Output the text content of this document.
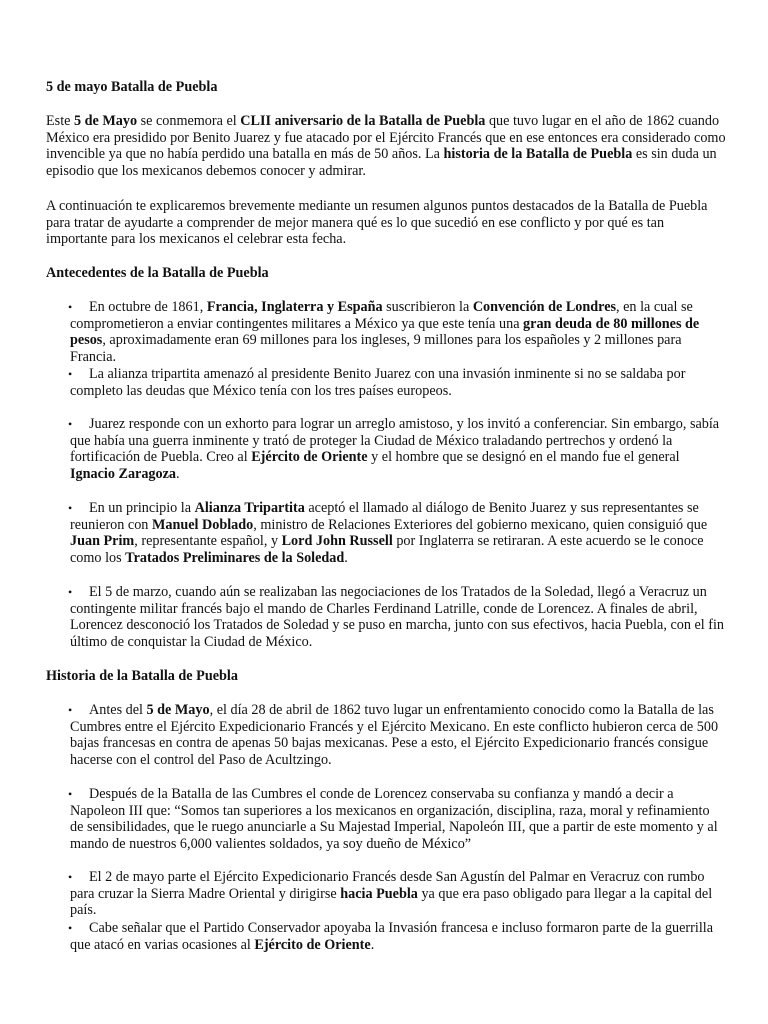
5 de mayo Batalla de Puebla

Este 5 de Mayo se conmemora el CLII aniversario de la Batalla de Puebla que tuvo lugar en el año de 1862 cuando México era presidido por Benito Juarez y fue atacado por el Ejército Francés que en ese entonces era considerado como invencible ya que no había perdido una batalla en más de 50 años. La historia de la Batalla de Puebla es sin duda un episodio que los mexicanos debemos conocer y admirar.

A continuación te explicaremos brevemente mediante un resumen algunos puntos destacados de la Batalla de Puebla para tratar de ayudarte a comprender de mejor manera qué es lo que sucedió en ese conflicto y por qué es tan importante para los mexicanos el celebrar esta fecha.

Antecedentes de la Batalla de Puebla
•	En octubre de 1861, Francia, Inglaterra y España suscribieron la Convención de Londres, en la cual se comprometieron a enviar contingentes militares a México ya que este tenía una gran deuda de 80 millones de pesos, aproximadamente eran 69 millones para los ingleses, 9 millones para los españoles y 2 millones para Francia.
•	La alianza tripartita amenazó al presidente Benito Juarez con una invasión inminente si no se saldaba por completo las deudas que México tenía con los tres países europeos.
•	Juarez responde con un exhorto para lograr un arreglo amistoso, y los invitó a conferenciar. Sin embargo, sabía que había una guerra inminente y trató de proteger la Ciudad de México traladando pertrechos y ordenó la fortificación de Puebla. Creo al Ejército de Oriente y el hombre que se designó en el mando fue el general Ignacio Zaragoza.
•	En un principio la Alianza Tripartita aceptó el llamado al diálogo de Benito Juarez y sus representantes se reunieron con Manuel Doblado, ministro de Relaciones Exteriores del gobierno mexicano, quien consiguió que Juan Prim, representante español, y Lord John Russell por Inglaterra se retiraran. A este acuerdo se le conoce como los Tratados Preliminares de la Soledad.
•	El 5 de marzo, cuando aún se realizaban las negociaciones de los Tratados de la Soledad, llegó a Veracruz un contingente militar francés bajo el mando de Charles Ferdinand Latrille, conde de Lorencez. A finales de abril, Lorencez desconoció los Tratados de Soledad y se puso en marcha, junto con sus efectivos, hacia Puebla, con el fin último de conquistar la Ciudad de México.
Historia de la Batalla de Puebla
•	Antes del 5 de Mayo, el día 28 de abril de 1862 tuvo lugar un enfrentamiento conocido como la Batalla de las Cumbres entre el Ejército Expedicionario Francés y el Ejército Mexicano. En este conflicto hubieron cerca de 500 bajas francesas en contra de apenas 50 bajas mexicanas. Pese a esto, el Ejército Expedicionario francés consigue hacerse con el control del Paso de Acultzingo.
•	Después de la Batalla de las Cumbres el conde de Lorencez conservaba su confianza y mandó a decir a Napoleon III que: “Somos tan superiores a los mexicanos en organización, disciplina, raza, moral y refinamiento de sensibilidades, que le ruego anunciarle a Su Majestad Imperial, Napoleón III, que a partir de este momento y al mando de nuestros 6,000 valientes soldados, ya soy dueño de México”
•	El 2 de mayo parte el Ejército Expedicionario Francés desde San Agustín del Palmar en Veracruz con rumbo para cruzar la Sierra Madre Oriental y dirigirse hacia Puebla ya que era paso obligado para llegar a la capital del país.
•	Cabe señalar que el Partido Conservador apoyaba la Invasión francesa e incluso formaron parte de la guerrilla que atacó en varias ocasiones al Ejército de Oriente.
